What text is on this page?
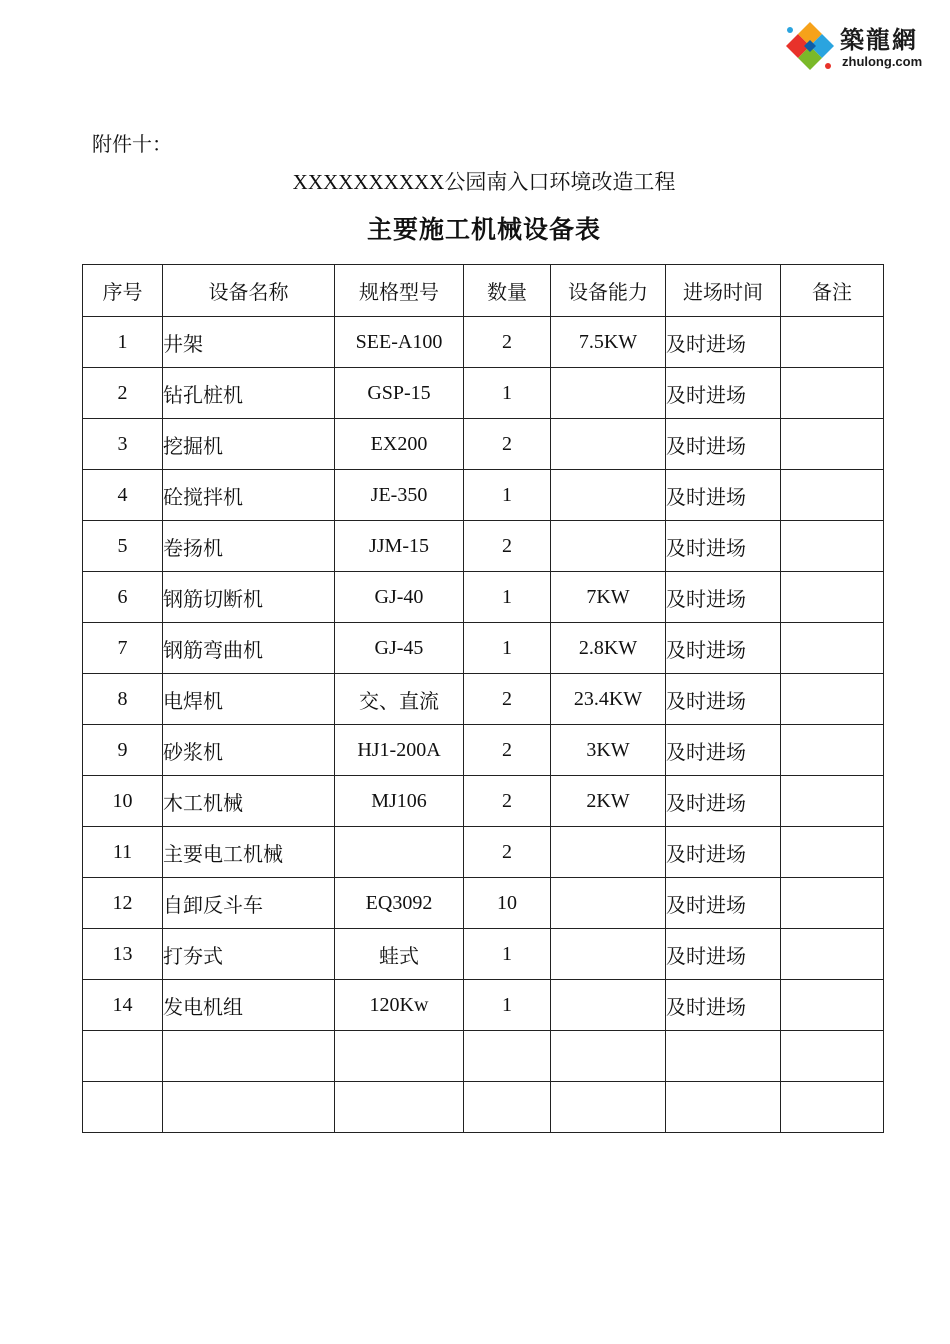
築龍網
zhulong.com
附件十：
XXXXXXXXXX公园南入口环境改造工程
主要施工机械设备表
序号	设备名称	规格型号	数量	设备能力	进场时间	备注
1	井架	SEE-A100	2	7.5KW	及时进场	
2	钻孔桩机	GSP-15	1		及时进场	
3	挖掘机	EX200	2		及时进场	
4	砼搅拌机	JE-350	1		及时进场	
5	卷扬机	JJM-15	2		及时进场	
6	钢筋切断机	GJ-40	1	7KW	及时进场	
7	钢筋弯曲机	GJ-45	1	2.8KW	及时进场	
8	电焊机	交、直流	2	23.4KW	及时进场	
9	砂浆机	HJ1-200A	2	3KW	及时进场	
10	木工机械	MJ106	2	2KW	及时进场	
11	主要电工机械		2		及时进场	
12	自卸反斗车	EQ3092	10		及时进场	
13	打夯式	蛙式	1		及时进场	
14	发电机组	120Kw	1		及时进场	
